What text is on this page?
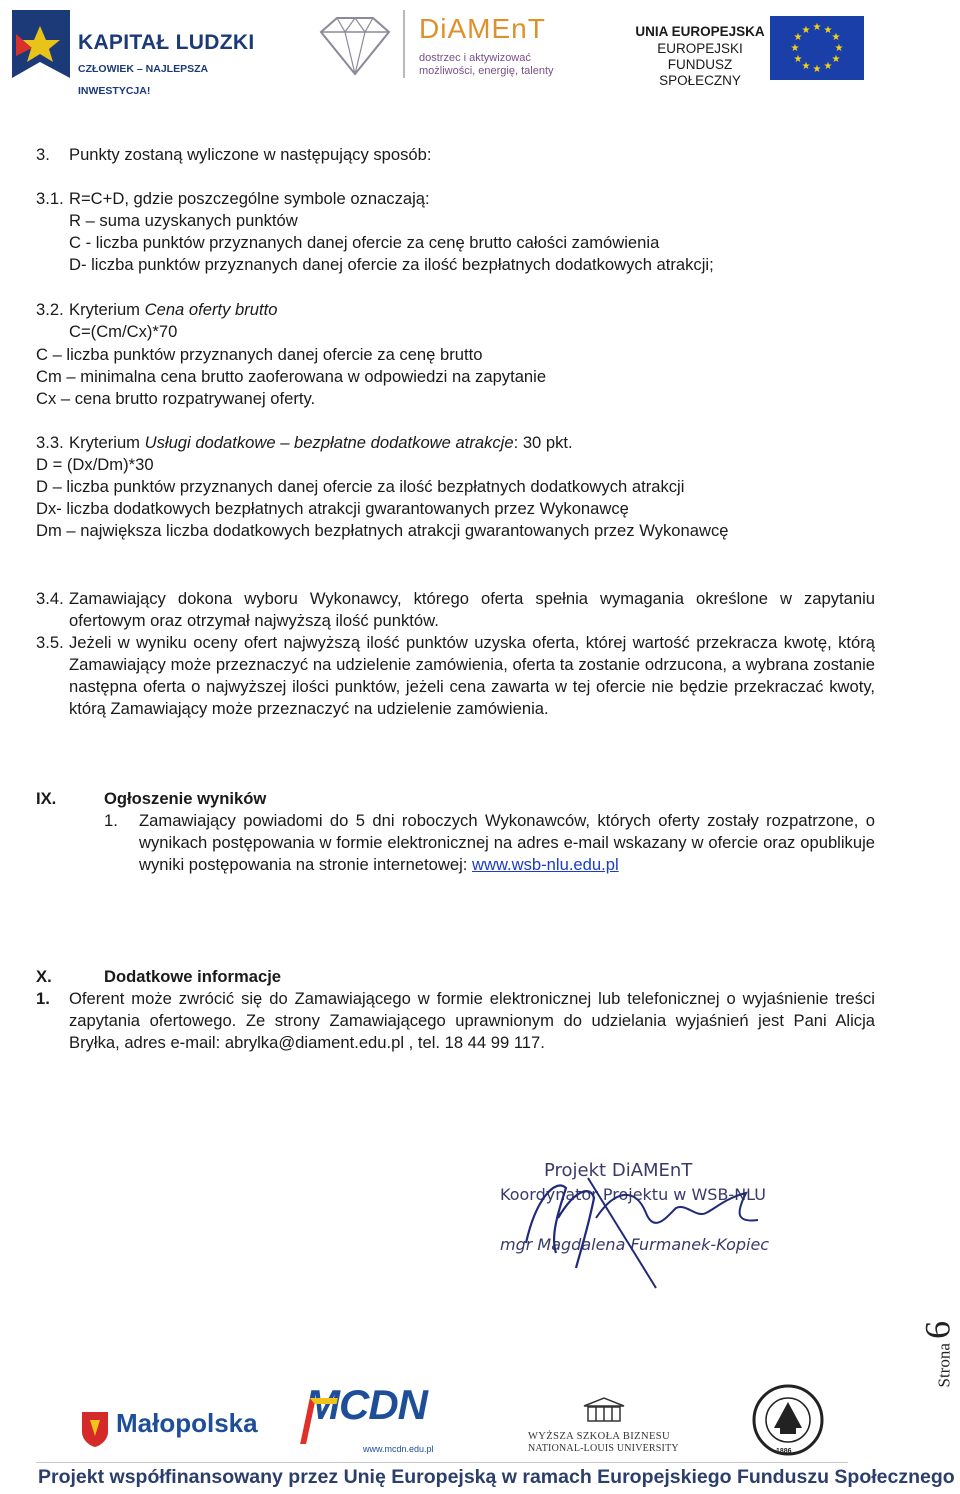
KAPITAŁ LUDZKI
CZŁOWIEK – NAJLEPSZA INWESTYCJA!
DiAMEnT
dostrzec i aktywizować
możliwości, energię, talenty
UNIA EUROPEJSKA
EUROPEJSKI
FUNDUSZ SPOŁECZNY
★ ★
★
★
★
★
★
★
★
★
★
★
3. Punkty zostaną wyliczone w następujący sposób:
3.1. R=C+D, gdzie poszczególne symbole oznaczają:
R – suma uzyskanych punktów
C - liczba punktów przyznanych danej ofercie za cenę brutto całości zamówienia
D- liczba punktów przyznanych danej ofercie za ilość bezpłatnych dodatkowych atrakcji;
3.2. Kryterium Cena oferty brutto
C=(Cm/Cx)*70
C – liczba punktów przyznanych danej ofercie za cenę brutto
Cm – minimalna cena brutto zaoferowana w odpowiedzi na zapytanie
Cx – cena brutto rozpatrywanej oferty.
3.3. Kryterium Usługi dodatkowe – bezpłatne dodatkowe atrakcje: 30 pkt.
D = (Dx/Dm)*30
D – liczba punktów przyznanych danej ofercie za ilość bezpłatnych dodatkowych atrakcji
Dx- liczba dodatkowych bezpłatnych atrakcji gwarantowanych przez Wykonawcę
Dm – największa liczba dodatkowych bezpłatnych atrakcji gwarantowanych przez Wykonawcę
3.4. Zamawiający dokona wyboru Wykonawcy, którego oferta spełnia wymagania określone w zapytaniu ofertowym oraz otrzymał najwyższą ilość punktów.
3.5. Jeżeli w wyniku oceny ofert najwyższą ilość punktów uzyska oferta, której wartość przekracza kwotę, którą Zamawiający może przeznaczyć na udzielenie zamówienia, oferta ta zostanie odrzucona, a wybrana zostanie następna oferta o najwyższej ilości punktów, jeżeli cena zawarta w tej ofercie nie będzie przekraczać kwoty, którą Zamawiający może przeznaczyć na udzielenie zamówienia.
IX.	Ogłoszenie wyników
1. Zamawiający powiadomi do 5 dni roboczych Wykonawców, których oferty zostały rozpatrzone, o wynikach postępowania w formie elektronicznej na adres e-mail wskazany w ofercie oraz opublikuje wyniki postępowania na stronie internetowej: www.wsb-nlu.edu.pl
X.	Dodatkowe informacje
1. Oferent może zwrócić się do Zamawiającego w formie elektronicznej lub telefonicznej o wyjaśnienie treści zapytania ofertowego. Ze strony Zamawiającego uprawnionym do udzielania wyjaśnień jest Pani Alicja Bryłka, adres e-mail: abrylka@diament.edu.pl , tel. 18 44 99 117.
Projekt DiAMEnT
Koordynator Projektu w WSB-NLU
mgr Magdalena Furmanek-Kopiec
Strona 6
Małopolska MCDN
www.mcdn.edu.pl
WYŻSZA SZKOŁA BIZNESU
NATIONAL-LOUIS UNIVERSITY	1886
Projekt współfinansowany przez Unię Europejską w ramach Europejskiego Funduszu Społecznego
